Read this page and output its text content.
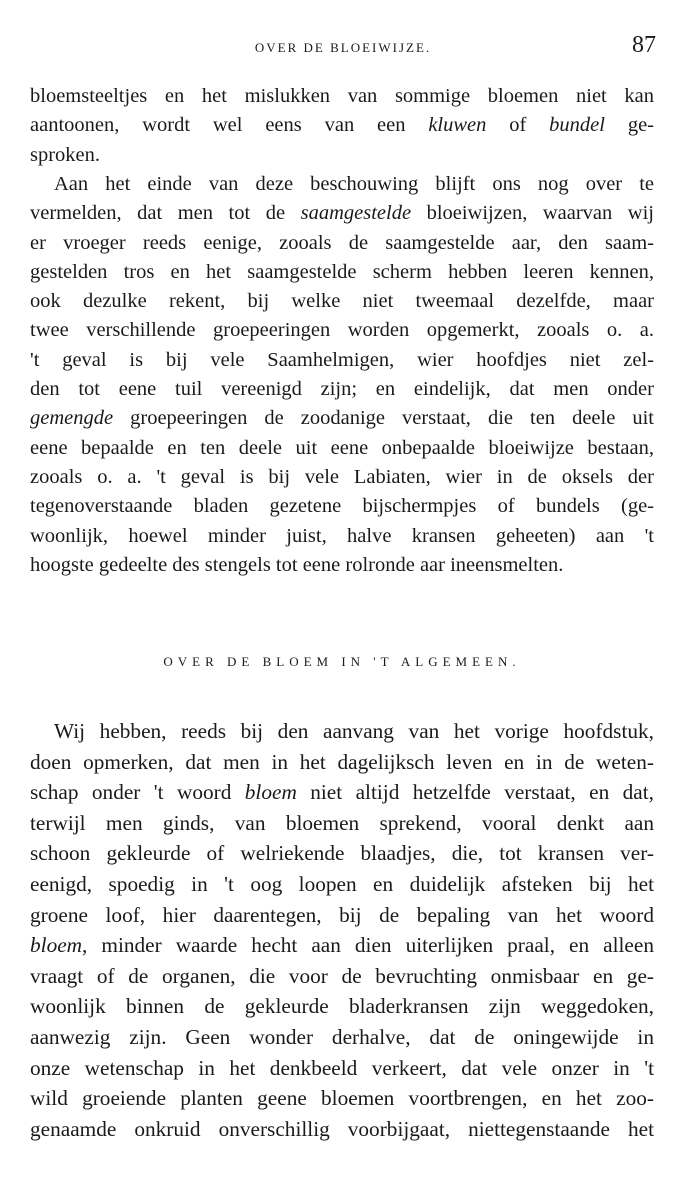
OVER DE BLOEIWIJZE.	87
bloemsteeltjes en het mislukken van sommige bloemen niet kan
aantoonen, wordt wel eens van een kluwen of bundel ge-
sproken.
Aan het einde van deze beschouwing blijft ons nog over te
vermelden, dat men tot de saamgestelde bloeiwijzen, waarvan wij
er vroeger reeds eenige, zooals de saamgestelde aar, den saam-
gestelden tros en het saamgestelde scherm hebben leeren kennen,
ook dezulke rekent, bij welke niet tweemaal dezelfde, maar
twee verschillende groepeeringen worden opgemerkt, zooals o. a.
't geval is bij vele Saamhelmigen, wier hoofdjes niet zel-
den tot eene tuil vereenigd zijn; en eindelijk, dat men onder
gemengde groepeeringen de zoodanige verstaat, die ten deele uit
eene bepaalde en ten deele uit eene onbepaalde bloeiwijze bestaan,
zooals o. a. 't geval is bij vele Labiaten, wier in de oksels der
tegenoverstaande bladen gezetene bijschermpjes of bundels (ge-
woonlijk, hoewel minder juist, halve kransen geheeten) aan 't
hoogste gedeelte des stengels tot eene rolronde aar ineensmelten.
OVER DE BLOEM IN 'T ALGEMEEN.
Wij hebben, reeds bij den aanvang van het vorige hoofdstuk,
doen opmerken, dat men in het dagelijksch leven en in de weten-
schap onder 't woord bloem niet altijd hetzelfde verstaat, en dat,
terwijl men ginds, van bloemen sprekend, vooral denkt aan
schoon gekleurde of welriekende blaadjes, die, tot kransen ver-
eenigd, spoedig in 't oog loopen en duidelijk afsteken bij het
groene loof, hier daarentegen, bij de bepaling van het woord
bloem, minder waarde hecht aan dien uiterlijken praal, en alleen
vraagt of de organen, die voor de bevruchting onmisbaar en ge-
woonlijk binnen de gekleurde bladerkransen zijn weggedoken,
aanwezig zijn. Geen wonder derhalve, dat de oningewijde in
onze wetenschap in het denkbeeld verkeert, dat vele onzer in 't
wild groeiende planten geene bloemen voortbrengen, en het zoo-
genaamde onkruid onverschillig voorbijgaat, niettegenstaande het
